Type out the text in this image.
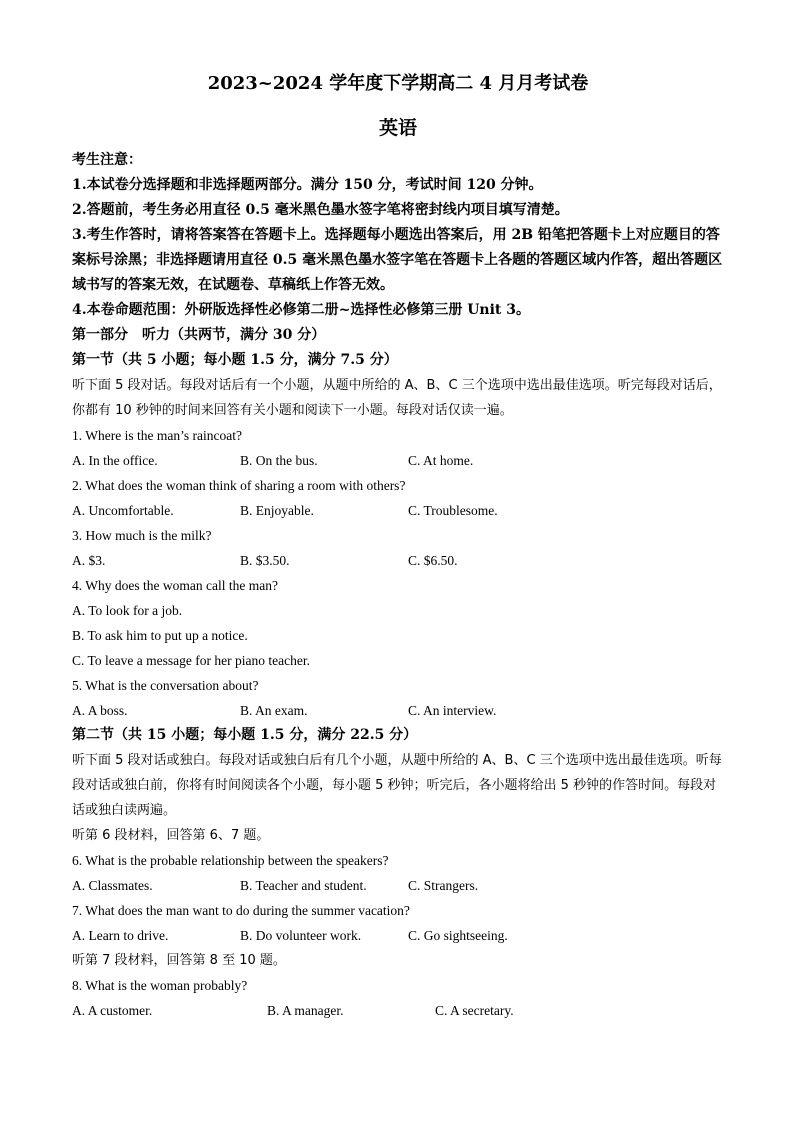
2023~2024 学年度下学期高二 4 月月考试卷
英语
考生注意：
1.本试卷分选择题和非选择题两部分。满分 150 分，考试时间 120 分钟。
2.答题前，考生务必用直径 0.5 毫米黑色墨水签字笔将密封线内项目填写清楚。
3.考生作答时，请将答案答在答题卡上。选择题每小题选出答案后，用 2B 铅笔把答题卡上对应题目的答案标号涂黑；非选择题请用直径 0.5 毫米黑色墨水签字笔在答题卡上各题的答题区域内作答，超出答题区域书写的答案无效，在试题卷、草稿纸上作答无效。
4.本卷命题范围：外研版选择性必修第二册~选择性必修第三册 Unit 3。
第一部分　听力（共两节，满分 30 分）
第一节（共 5 小题；每小题 1.5 分，满分 7.5 分）
听下面 5 段对话。每段对话后有一个小题，从题中所给的 A、B、C 三个选项中选出最佳选项。听完每段对话后，你都有 10 秒钟的时间来回答有关小题和阅读下一小题。每段对话仅读一遍。
1. Where is the man’s raincoat?
A. In the office.	B. On the bus.	C. At home.
2. What does the woman think of sharing a room with others?
A. Uncomfortable.	B. Enjoyable.	C. Troublesome.
3. How much is the milk?
A. $3.	B. $3.50.	C. $6.50.
4. Why does the woman call the man?
A. To look for a job.
B. To ask him to put up a notice.
C. To leave a message for her piano teacher.
5. What is the conversation about?
A. A boss.	B. An exam.	C. An interview.
第二节（共 15 小题；每小题 1.5 分，满分 22.5 分）
听下面 5 段对话或独白。每段对话或独白后有几个小题，从题中所给的 A、B、C 三个选项中选出最佳选项。听每段对话或独白前，你将有时间阅读各个小题，每小题 5 秒钟；听完后，各小题将给出 5 秒钟的作答时间。每段对话或独白读两遍。
听第 6 段材料，回答第 6、7 题。
6. What is the probable relationship between the speakers?
A. Classmates.	B. Teacher and student.	C. Strangers.
7. What does the man want to do during the summer vacation?
A. Learn to drive.	B. Do volunteer work.	C. Go sightseeing.
听第 7 段材料，回答第 8 至 10 题。
8. What is the woman probably?
A. A customer.	B. A manager.	C. A secretary.
